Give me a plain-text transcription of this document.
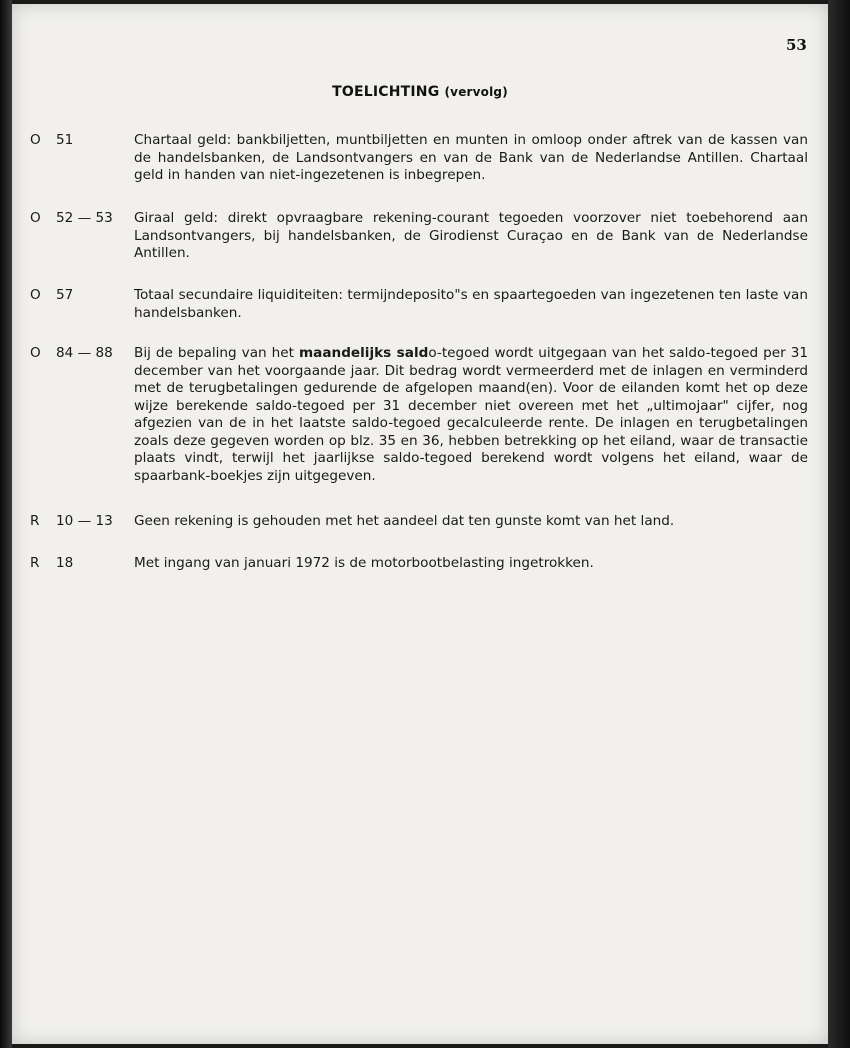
53
TOELICHTING (vervolg)
O 51	Chartaal geld: bankbiljetten, muntbiljetten en munten in omloop onder aftrek van de kassen van de handelsbanken, de Landsontvangers en van de Bank van de Nederlandse Antillen. Chartaal geld in handen van niet-ingezetenen is inbegrepen.
O 52 — 53	Giraal geld: direkt opvraagbare rekening-courant tegoeden voorzover niet toebehorend aan Landsontvangers, bij handelsbanken, de Girodienst Curaçao en de Bank van de Nederlandse Antillen.
O 57	Totaal secundaire liquiditeiten: termijndeposito"s en spaartegoeden van ingezetenen ten laste van handelsbanken.
O 84 — 88	Bij de bepaling van het maandelijks saldo-tegoed wordt uitgegaan van het saldo-tegoed per 31 december van het voorgaande jaar. Dit bedrag wordt vermeerderd met de inlagen en verminderd met de terugbetalingen gedurende de afgelopen maand(en). Voor de eilanden komt het op deze wijze berekende saldo-tegoed per 31 december niet overeen met het „ultimojaar" cijfer, nog afgezien van de in het laatste saldo-tegoed gecalculeerde rente. De inlagen en terugbetalingen zoals deze gegeven worden op blz. 35 en 36, hebben betrekking op het eiland, waar de transactie plaats vindt, terwijl het jaarlijkse saldo-tegoed berekend wordt volgens het eiland, waar de spaarbank-boekjes zijn uitgegeven.
R 10 — 13	Geen rekening is gehouden met het aandeel dat ten gunste komt van het land.
R 18	Met ingang van januari 1972 is de motorbootbelasting ingetrokken.
